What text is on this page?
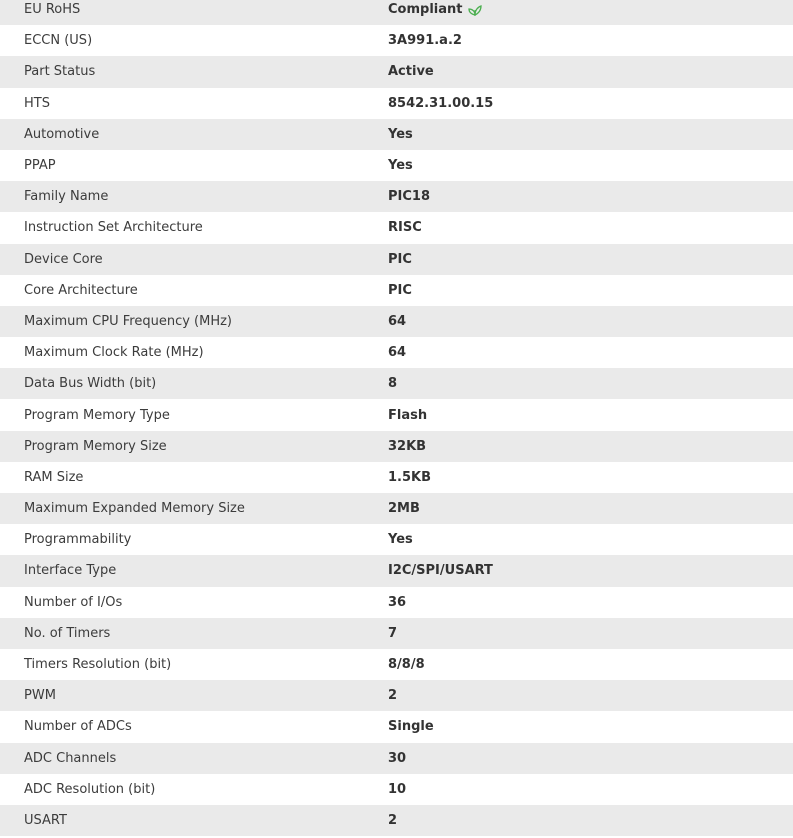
EU RoHS	Compliant
ECCN (US)	3A991.a.2
Part Status	Active
HTS	8542.31.00.15
Automotive	Yes
PPAP	Yes
Family Name	PIC18
Instruction Set Architecture	RISC
Device Core	PIC
Core Architecture	PIC
Maximum CPU Frequency (MHz)	64
Maximum Clock Rate (MHz)	64
Data Bus Width (bit)	8
Program Memory Type	Flash
Program Memory Size	32KB
RAM Size	1.5KB
Maximum Expanded Memory Size	2MB
Programmability	Yes
Interface Type	I2C/SPI/USART
Number of I/Os	36
No. of Timers	7
Timers Resolution (bit)	8/8/8
PWM	2
Number of ADCs	Single
ADC Channels	30
ADC Resolution (bit)	10
USART	2
